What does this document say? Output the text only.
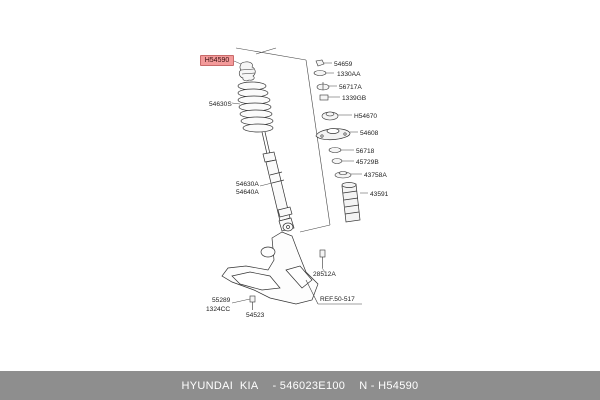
54630S
54630A
54640A
54659
1330AA
56717A
1339GB
H54670
54608
56718
45729B
43758A
43591
28512A
55289
1324CC
54523
REF.50-517
H54590
HYUNDAI  KIA - 546023E100 N - H54590
